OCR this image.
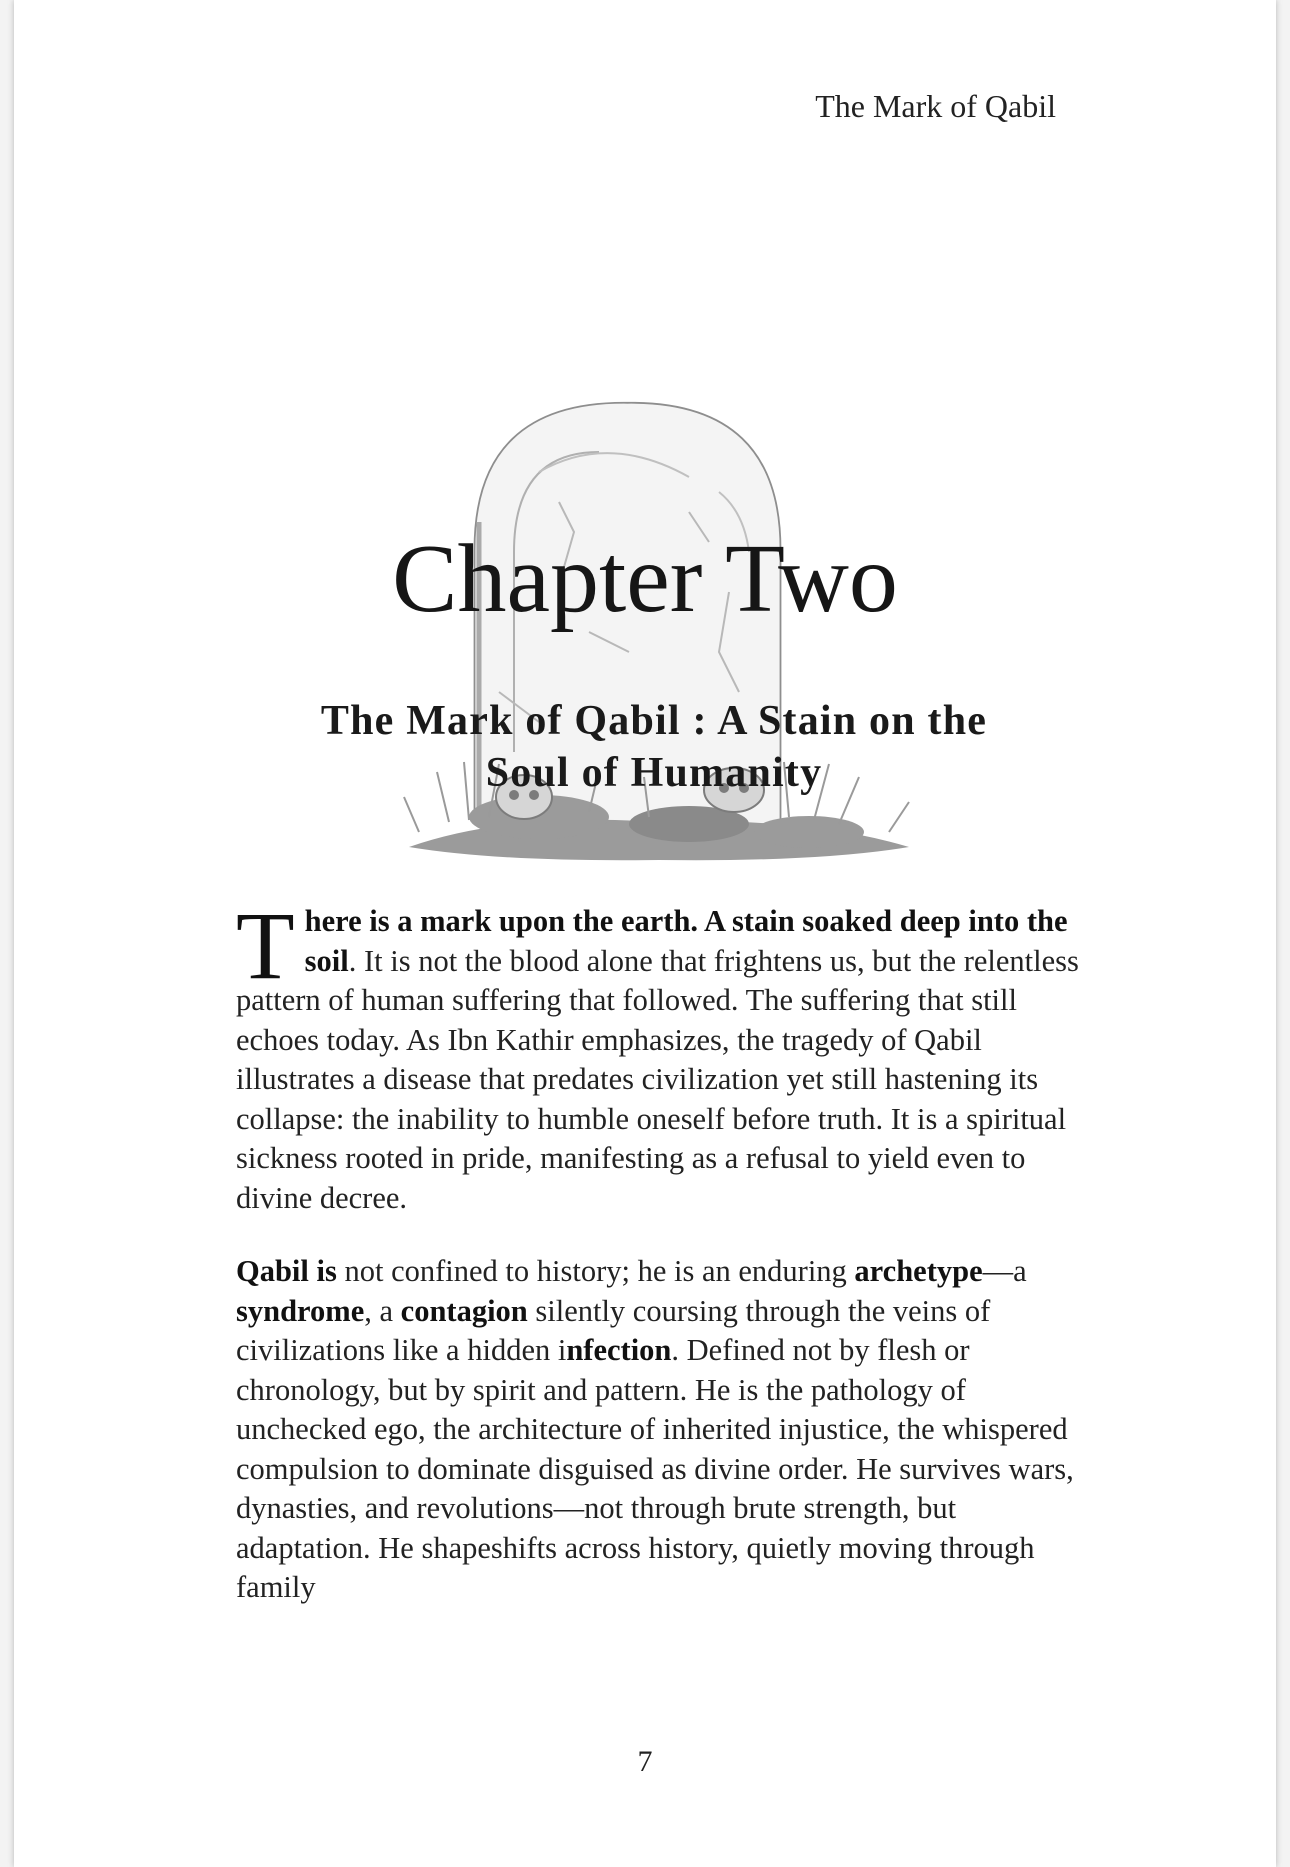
The Mark of Qabil
Chapter Two
The Mark of Qabil : A Stain on the
Soul of Humanity

There is a mark upon the earth. A stain soaked deep into the soil. It is not the blood alone that frightens us, but the relentless pattern of human suffering that followed. The suffering that still echoes today. As Ibn Kathir emphasizes, the tragedy of Qabil illustrates a disease that predates civilization yet still hastening its collapse: the inability to humble oneself before truth. It is a spiritual sickness rooted in pride, manifesting as a refusal to yield even to divine decree.

Qabil is not confined to history; he is an enduring archetype—a syndrome, a contagion silently coursing through the veins of civilizations like a hidden infection. Defined not by flesh or chronology, but by spirit and pattern. He is the pathology of unchecked ego, the architecture of inherited injustice, the whispered compulsion to dominate disguised as divine order. He survives wars, dynasties, and revolutions—not through brute strength, but adaptation. He shapeshifts across history, quietly moving through family

7
